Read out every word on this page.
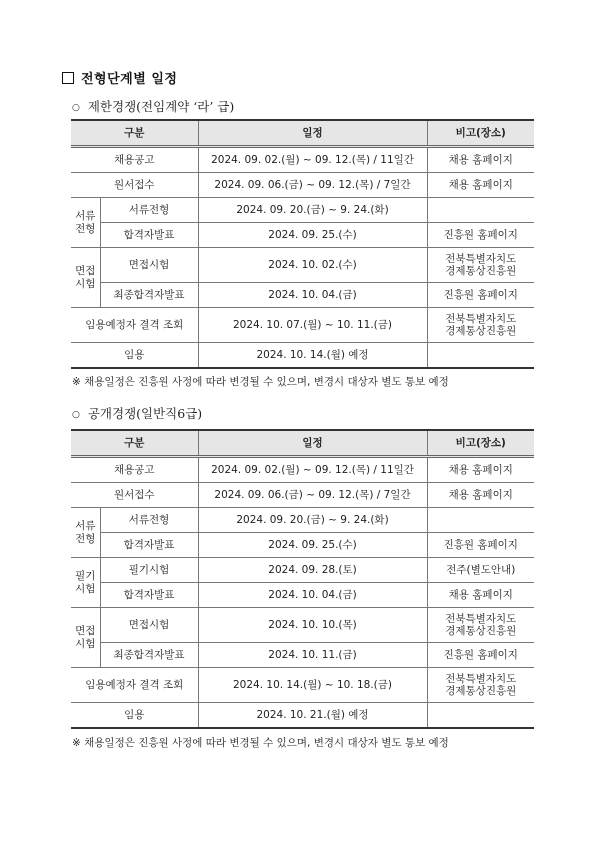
전형단계별 일정
○ 제한경쟁(전임계약 ‘라’ 급)
구분		일정	비고(장소)
채용공고		2024. 09. 02.(월) ~ 09. 12.(목) / 11일간	채용 홈페이지
원서접수		2024. 09. 06.(금) ~ 09. 12.(목) / 7일간	채용 홈페이지
서류
전형	서류전형	2024. 09. 20.(금) ~ 9. 24.(화)	
	합격자발표	2024. 09. 25.(수)	진흥원 홈페이지
면접
시험	면접시험	2024. 10. 02.(수)	전북특별자치도
경제통상진흥원
	최종합격자발표	2024. 10. 04.(금)	진흥원 홈페이지
임용예정자 결격 조회		2024. 10. 07.(월) ~ 10. 11.(금)	전북특별자치도
경제통상진흥원
임용		2024. 10. 14.(월) 예정	
※ 채용일정은 진흥원 사정에 따라 변경될 수 있으며, 변경시 대상자 별도 통보 예정
○ 공개경쟁(일반직6급)
구분		일정	비고(장소)
채용공고		2024. 09. 02.(월) ~ 09. 12.(목) / 11일간	채용 홈페이지
원서접수		2024. 09. 06.(금) ~ 09. 12.(목) / 7일간	채용 홈페이지
서류
전형	서류전형	2024. 09. 20.(금) ~ 9. 24.(화)	
	합격자발표	2024. 09. 25.(수)	진흥원 홈페이지
필기
시험	필기시험	2024. 09. 28.(토)	전주(별도안내)
	합격자발표	2024. 10. 04.(금)	채용 홈페이지
면접
시험	면접시험	2024. 10. 10.(목)	전북특별자치도
경제통상진흥원
	최종합격자발표	2024. 10. 11.(금)	진흥원 홈페이지
임용예정자 결격 조회		2024. 10. 14.(월) ~ 10. 18.(금)	전북특별자치도
경제통상진흥원
임용		2024. 10. 21.(월) 예정	
※ 채용일정은 진흥원 사정에 따라 변경될 수 있으며, 변경시 대상자 별도 통보 예정
